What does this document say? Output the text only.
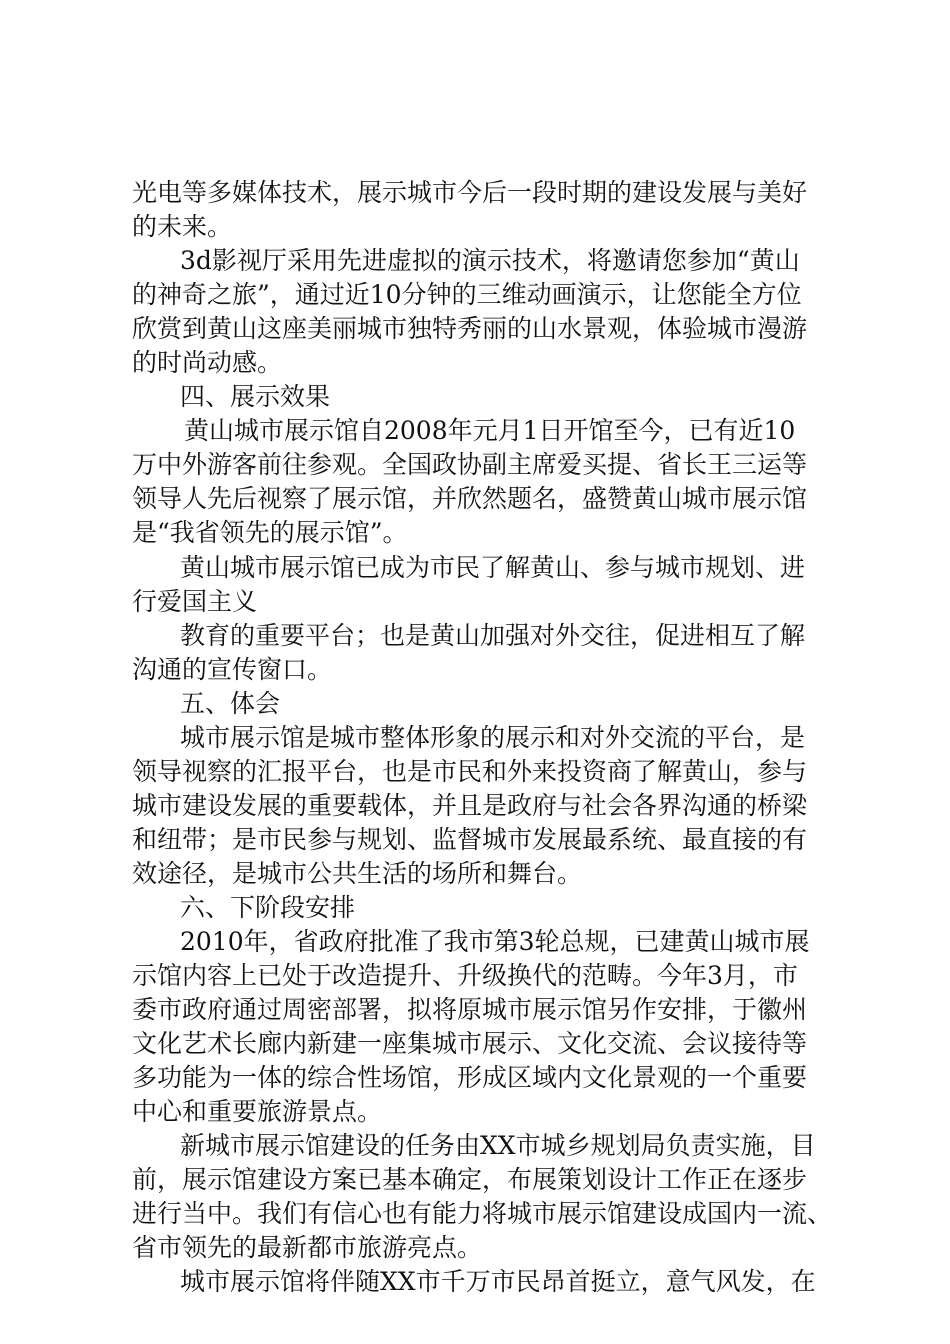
光电等多媒体技术，展示城市今后一段时期的建设发展与美好
的未来。
3d影视厅采用先进虚拟的演示技术，将邀请您参加“黄山
的神奇之旅”，通过近10分钟的三维动画演示，让您能全方位
欣赏到黄山这座美丽城市独特秀丽的山水景观，体验城市漫游
的时尚动感。
四、展示效果
黄山城市展示馆自2008年元月1日开馆至今，已有近10
万中外游客前往参观。全国政协副主席爱买提、省长王三运等
领导人先后视察了展示馆，并欣然题名，盛赞黄山城市展示馆
是“我省领先的展示馆”。
黄山城市展示馆已成为市民了解黄山、参与城市规划、进
行爱国主义
教育的重要平台；也是黄山加强对外交往，促进相互了解
沟通的宣传窗口。
五、体会
城市展示馆是城市整体形象的展示和对外交流的平台，是
领导视察的汇报平台，也是市民和外来投资商了解黄山，参与
城市建设发展的重要载体，并且是政府与社会各界沟通的桥梁
和纽带；是市民参与规划、监督城市发展最系统、最直接的有
效途径，是城市公共生活的场所和舞台。
六、下阶段安排
2010年，省政府批准了我市第3轮总规，已建黄山城市展
示馆内容上已处于改造提升、升级换代的范畴。今年3月，市
委市政府通过周密部署，拟将原城市展示馆另作安排，于徽州
文化艺术长廊内新建一座集城市展示、文化交流、会议接待等
多功能为一体的综合性场馆，形成区域内文化景观的一个重要
中心和重要旅游景点。
新城市展示馆建设的任务由XX市城乡规划局负责实施，目
前，展示馆建设方案已基本确定，布展策划设计工作正在逐步
进行当中。我们有信心也有能力将城市展示馆建设成国内一流、
省市领先的最新都市旅游亮点。
城市展示馆将伴随XX市千万市民昂首挺立，意气风发，在
